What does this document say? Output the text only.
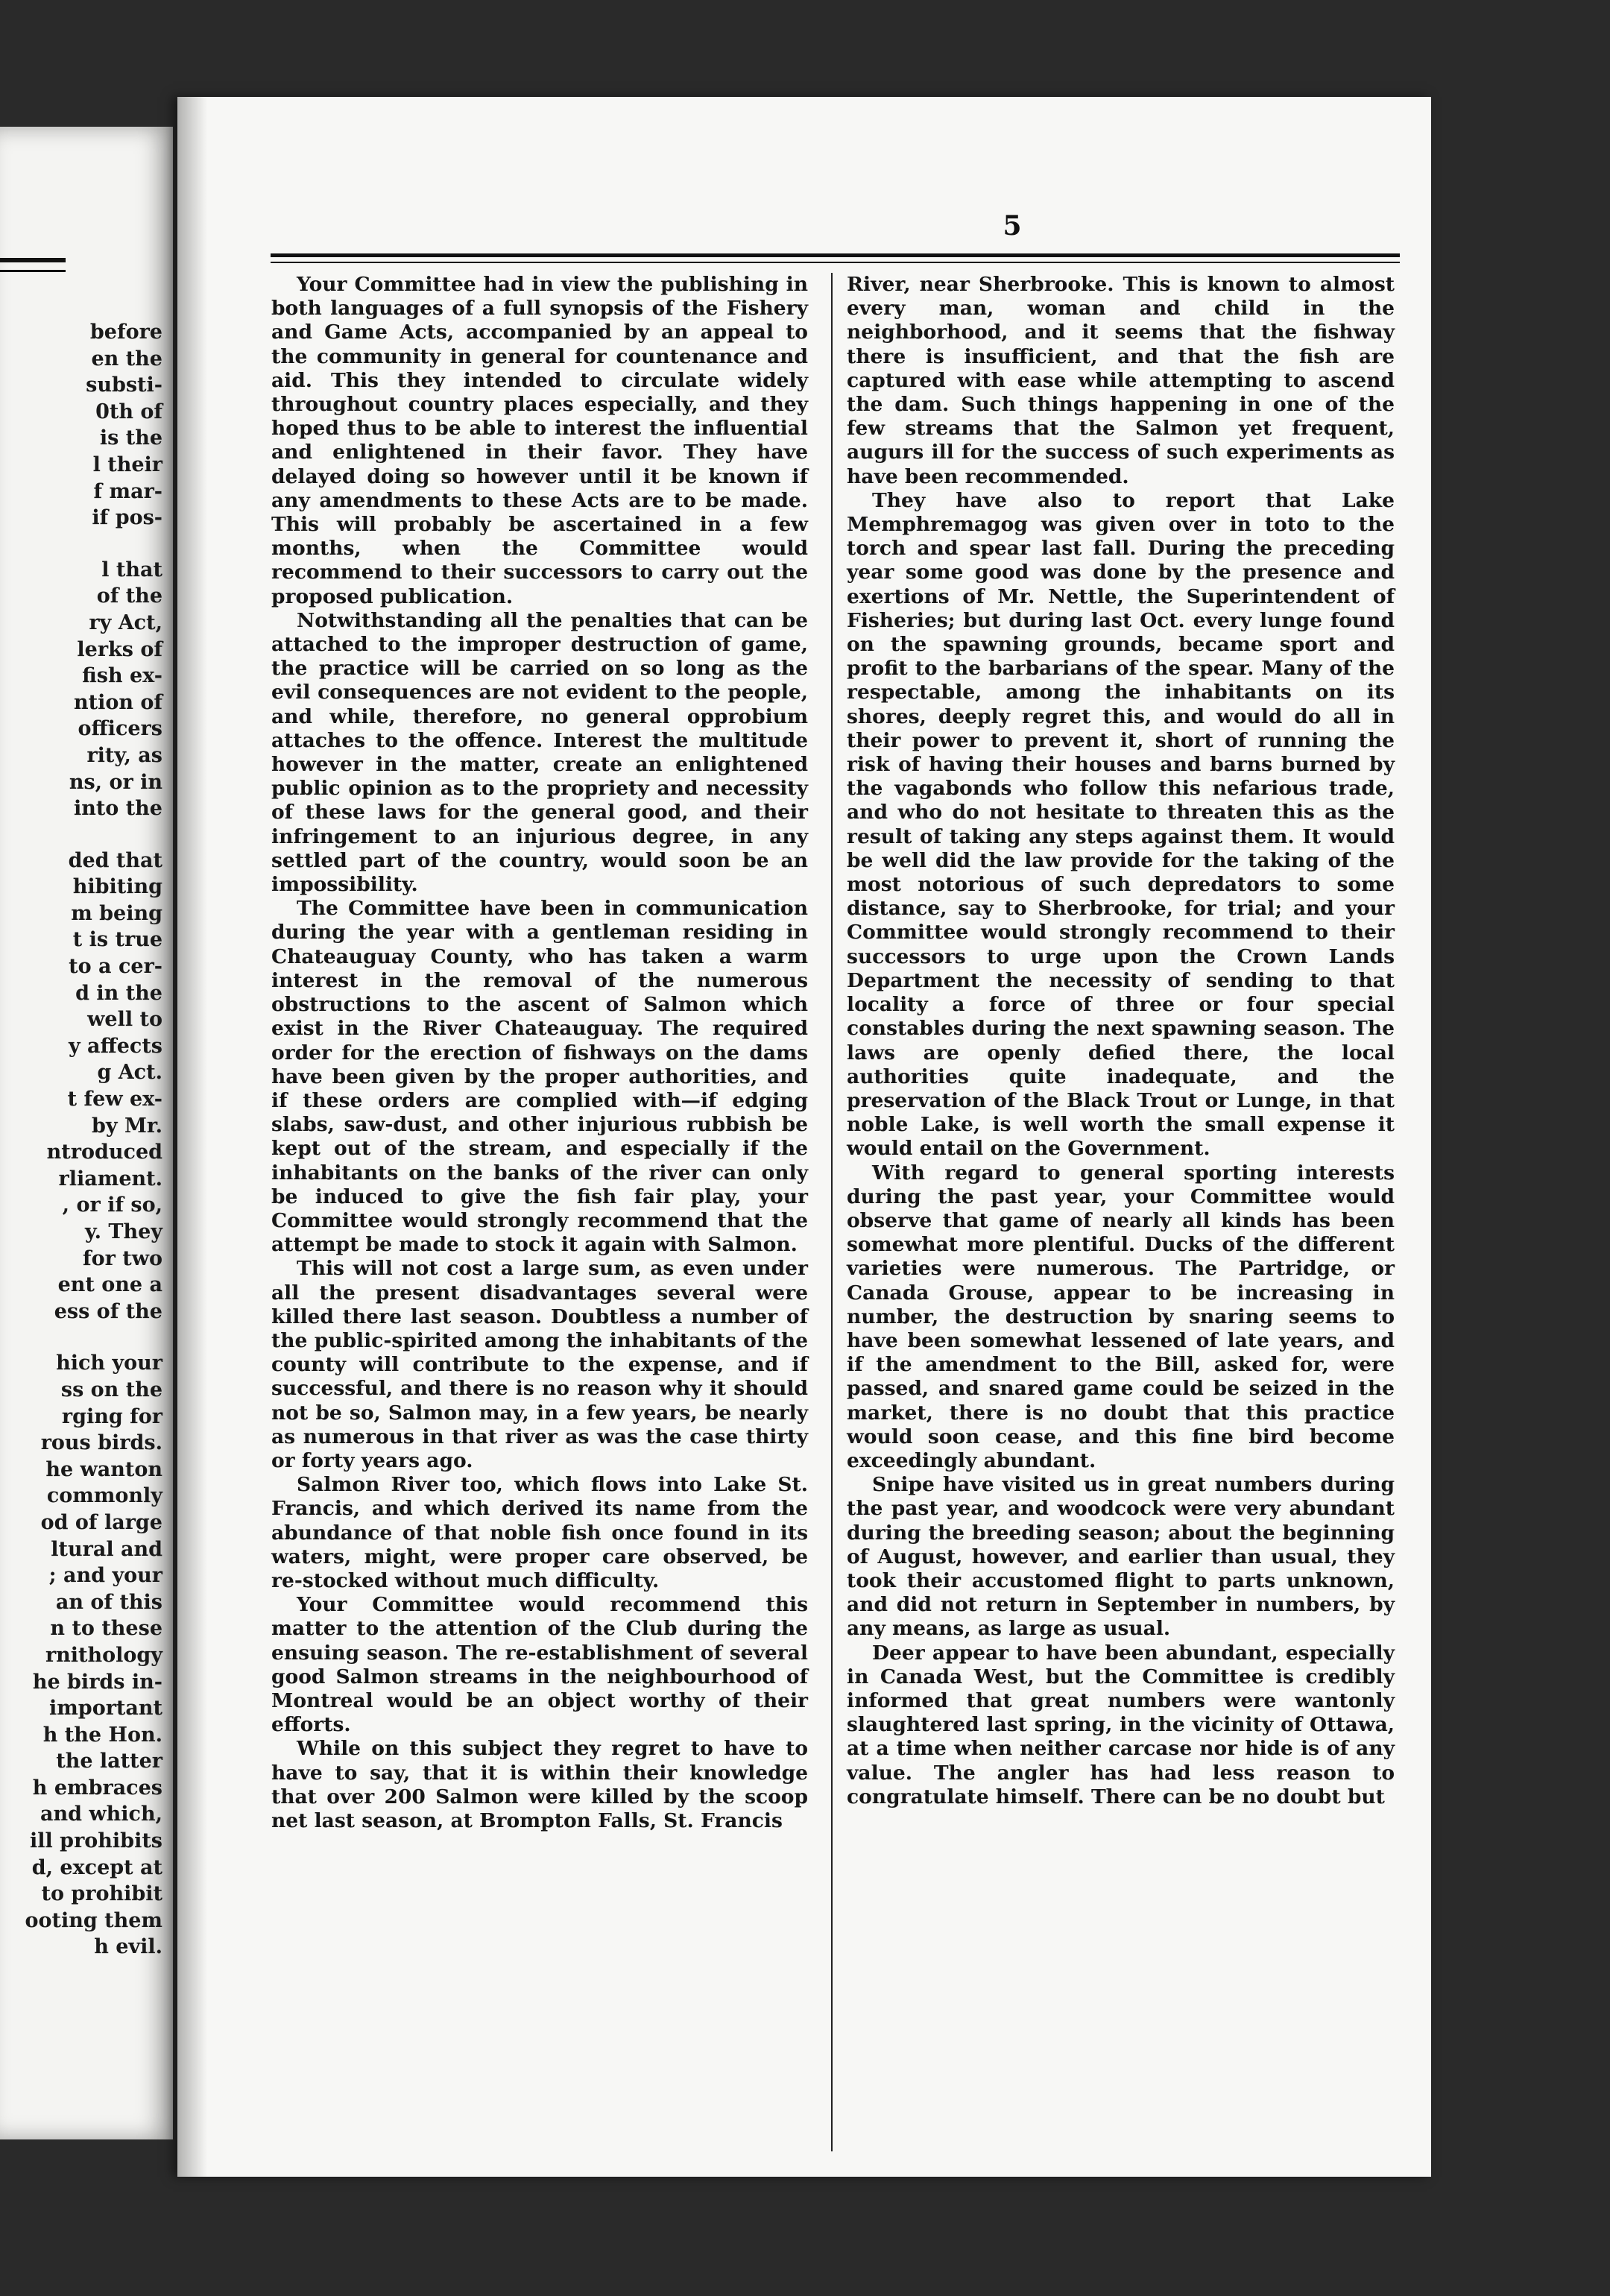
before
en the
substi-
0th of
is the
l their
f mar-
if pos-
l that
of the
ry Act,
lerks of
fish ex-
ntion of
officers
rity, as
ns, or in
into the
ded that
hibiting
m being
t is true
to a cer-
d in the
well to
y affects
g Act.
t few ex-
by Mr.
ntroduced
rliament.
, or if so,
y. They
for two
ent one a
ess of the
hich your
ss on the
rging for
rous birds.
he wanton
commonly
od of large
ltural and
; and your
an of this
n to these
rnithology
he birds in-
important
h the Hon.
the latter
h embraces
and which,
ill prohibits
d, except at
to prohibit
ooting them
h evil.
5

Your Committee had in view the publishing in both languages of a full synopsis of the Fishery and Game Acts, accompanied by an appeal to the community in general for countenance and aid. This they intended to circulate widely throughout country places especially, and they hoped thus to be able to interest the influential and enlightened in their favor. They have delayed doing so however until it be known if any amendments to these Acts are to be made. This will probably be ascertained in a few months, when the Committee would recommend to their successors to carry out the proposed publication.

Notwithstanding all the penalties that can be attached to the improper destruction of game, the practice will be carried on so long as the evil consequences are not evident to the people, and while, therefore, no general opprobium attaches to the offence. Interest the multitude however in the matter, create an enlightened public opinion as to the propriety and necessity of these laws for the general good, and their infringement to an injurious degree, in any settled part of the country, would soon be an impossibility.

The Committee have been in communication during the year with a gentleman residing in Chateauguay County, who has taken a warm interest in the removal of the numerous obstructions to the ascent of Salmon which exist in the River Chateauguay. The required order for the erection of fishways on the dams have been given by the proper authorities, and if these orders are complied with—if edging slabs, saw-dust, and other injurious rubbish be kept out of the stream, and especially if the inhabitants on the banks of the river can only be induced to give the fish fair play, your Committee would strongly recommend that the attempt be made to stock it again with Salmon.

This will not cost a large sum, as even under all the present disadvantages several were killed there last season. Doubtless a number of the public-spirited among the inhabitants of the county will contribute to the expense, and if successful, and there is no reason why it should not be so, Salmon may, in a few years, be nearly as numerous in that river as was the case thirty or forty years ago.

Salmon River too, which flows into Lake St. Francis, and which derived its name from the abundance of that noble fish once found in its waters, might, were proper care observed, be re-stocked without much difficulty.

Your Committee would recommend this matter to the attention of the Club during the ensuing season. The re-establishment of several good Salmon streams in the neighbourhood of Montreal would be an object worthy of their efforts.

While on this subject they regret to have to have to say, that it is within their knowledge that over 200 Salmon were killed by the scoop net last season, at Brompton Falls, St. Francis

River, near Sherbrooke. This is known to almost every man, woman and child in the neighborhood, and it seems that the fishway there is insufficient, and that the fish are captured with ease while attempting to ascend the dam. Such things happening in one of the few streams that the Salmon yet frequent, augurs ill for the success of such experiments as have been recommended.

They have also to report that Lake Memphremagog was given over in toto to the torch and spear last fall. During the preceding year some good was done by the presence and exertions of Mr. Nettle, the Superintendent of Fisheries; but during last Oct. every lunge found on the spawning grounds, became sport and profit to the barbarians of the spear. Many of the respectable, among the inhabitants on its shores, deeply regret this, and would do all in their power to prevent it, short of running the risk of having their houses and barns burned by the vagabonds who follow this nefarious trade, and who do not hesitate to threaten this as the result of taking any steps against them. It would be well did the law provide for the taking of the most notorious of such depredators to some distance, say to Sherbrooke, for trial; and your Committee would strongly recommend to their successors to urge upon the Crown Lands Department the necessity of sending to that locality a force of three or four special constables during the next spawning season. The laws are openly defied there, the local authorities quite inadequate, and the preservation of the Black Trout or Lunge, in that noble Lake, is well worth the small expense it would entail on the Government.

With regard to general sporting interests during the past year, your Committee would observe that game of nearly all kinds has been somewhat more plentiful. Ducks of the different varieties were numerous. The Partridge, or Canada Grouse, appear to be increasing in number, the destruction by snaring seems to have been somewhat lessened of late years, and if the amendment to the Bill, asked for, were passed, and snared game could be seized in the market, there is no doubt that this practice would soon cease, and this fine bird become exceedingly abundant.

Snipe have visited us in great numbers during the past year, and woodcock were very abundant during the breeding season; about the beginning of August, however, and earlier than usual, they took their accustomed flight to parts unknown, and did not return in September in numbers, by any means, as large as usual.

Deer appear to have been abundant, especially in Canada West, but the Committee is credibly informed that great numbers were wantonly slaughtered last spring, in the vicinity of Ottawa, at a time when neither carcase nor hide is of any value. The angler has had less reason to congratulate himself. There can be no doubt but
